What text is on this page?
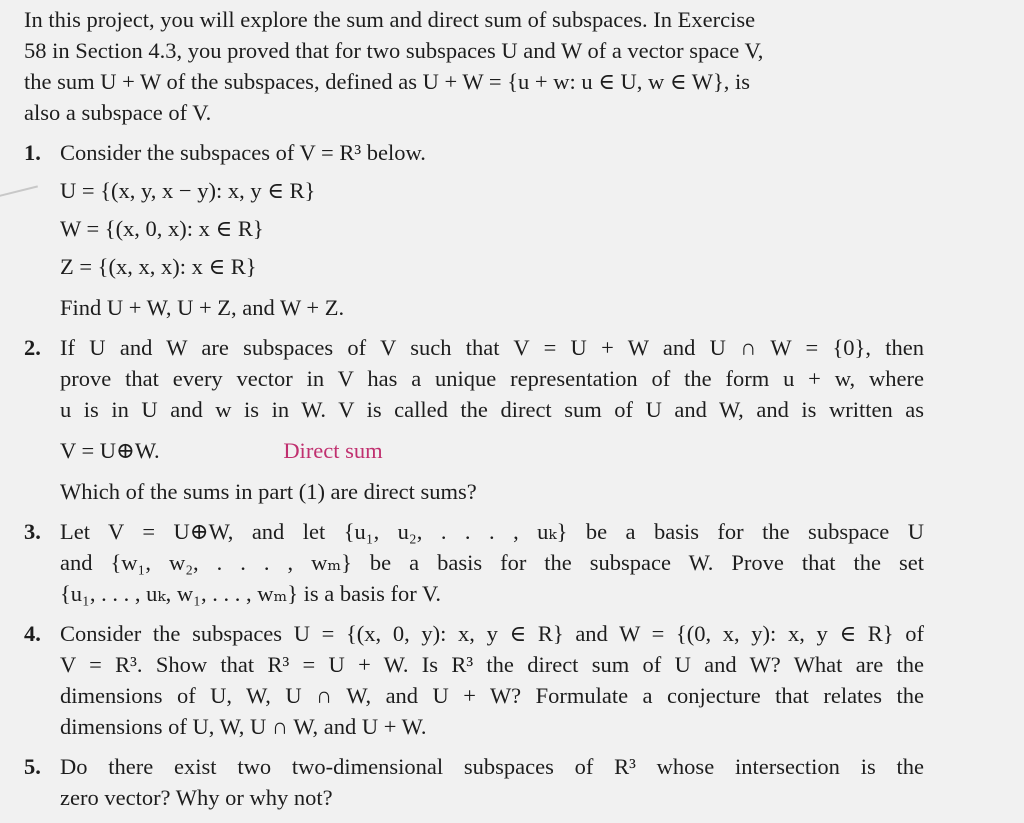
In this project, you will explore the sum and direct sum of subspaces. In Exercise
58 in Section 4.3, you proved that for two subspaces U and W of a vector space V,
the sum U + W of the subspaces, defined as U + W = {u + w: u ∈ U, w ∈ W}, is
also a subspace of V.
1. Consider the subspaces of V = R³ below.
U = {(x, y, x − y): x, y ∈ R}
W = {(x, 0, x): x ∈ R}
Z = {(x, x, x): x ∈ R}
Find U + W, U + Z, and W + Z.
2. If U and W are subspaces of V such that V = U + W and U ∩ W = {0}, then
prove that every vector in V has a unique representation of the form u + w, where
u is in U and w is in W. V is called the direct sum of U and W, and is written as
V = U⊕W.	Direct sum
Which of the sums in part (1) are direct sums?
3. Let V = U⊕W, and let {u₁, u₂, . . . , uₖ} be a basis for the subspace U
and {w₁, w₂, . . . , wₘ} be a basis for the subspace W. Prove that the set
{u₁, . . . , uₖ, w₁, . . . , wₘ} is a basis for V.
4. Consider the subspaces U = {(x, 0, y): x, y ∈ R} and W = {(0, x, y): x, y ∈ R} of
V = R³. Show that R³ = U + W. Is R³ the direct sum of U and W? What are the
dimensions of U, W, U ∩ W, and U + W? Formulate a conjecture that relates the
dimensions of U, W, U ∩ W, and U + W.
5. Do there exist two two-dimensional subspaces of R³ whose intersection is the
zero vector? Why or why not?
